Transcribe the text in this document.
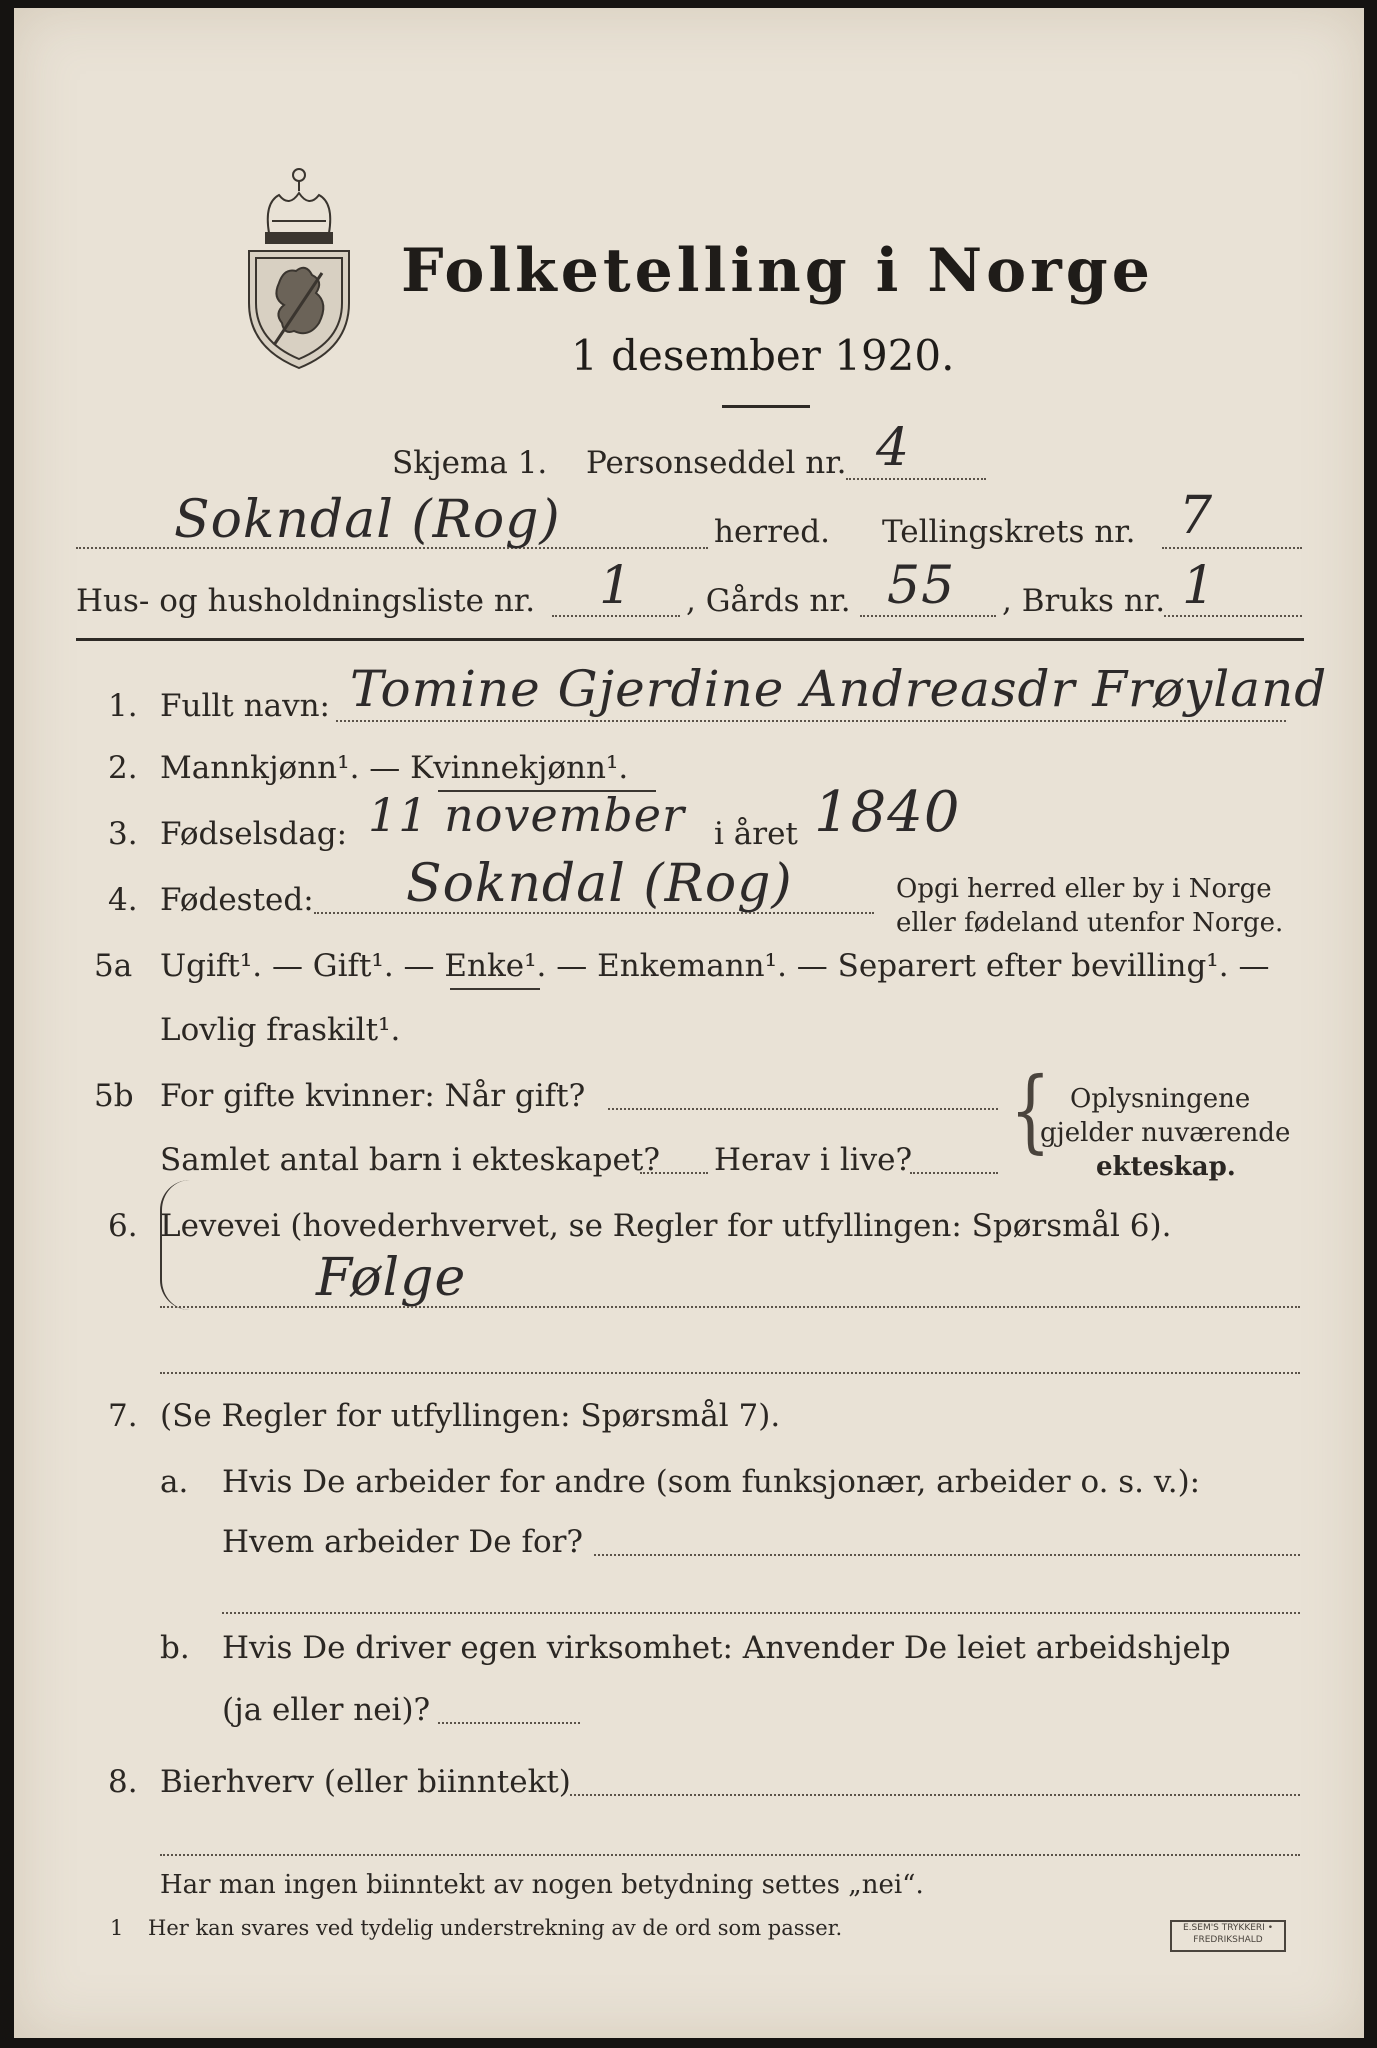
Folketelling i Norge
1 desember 1920.
Skjema 1. Personseddel nr. 4
Sokndal (Rog)	herred. Tellingskrets nr. 7
Hus- og husholdningsliste nr. 1 , Gårds nr. 55 , Bruks nr. 1
1. Fullt navn: Tomine Gjerdine Andreasdr Frøyland
2. Mannkjønn¹. — Kvinnekjønn¹.
3. Fødselsdag: 11 november i året 1840
4. Fødested: Sokndal (Rog)	Opgi herred eller by i Norge
eller fødeland utenfor Norge.
5a Ugift¹. — Gift¹. — Enke¹. — Enkemann¹. — Separert efter bevilling¹. —
Lovlig fraskilt¹.
5b For gifte kvinner: Når gift?
Samlet antal barn i ekteskapet? Herav i live? { Oplysningene
gjelder nuværende
ekteskap.
6. Levevei (hovederhvervet, se Regler for utfyllingen: Spørsmål 6).
Følge
7. (Se Regler for utfyllingen: Spørsmål 7).
a. Hvis De arbeider for andre (som funksjonær, arbeider o. s. v.):
Hvem arbeider De for?
b. Hvis De driver egen virksomhet: Anvender De leiet arbeidshjelp
(ja eller nei)?
8. Bierhverv (eller biinntekt)
Har man ingen biinntekt av nogen betydning settes „nei“.
1 Her kan svares ved tydelig understrekning av de ord som passer.	E.SEM'S TRYKKERI • FREDRIKSHALD
